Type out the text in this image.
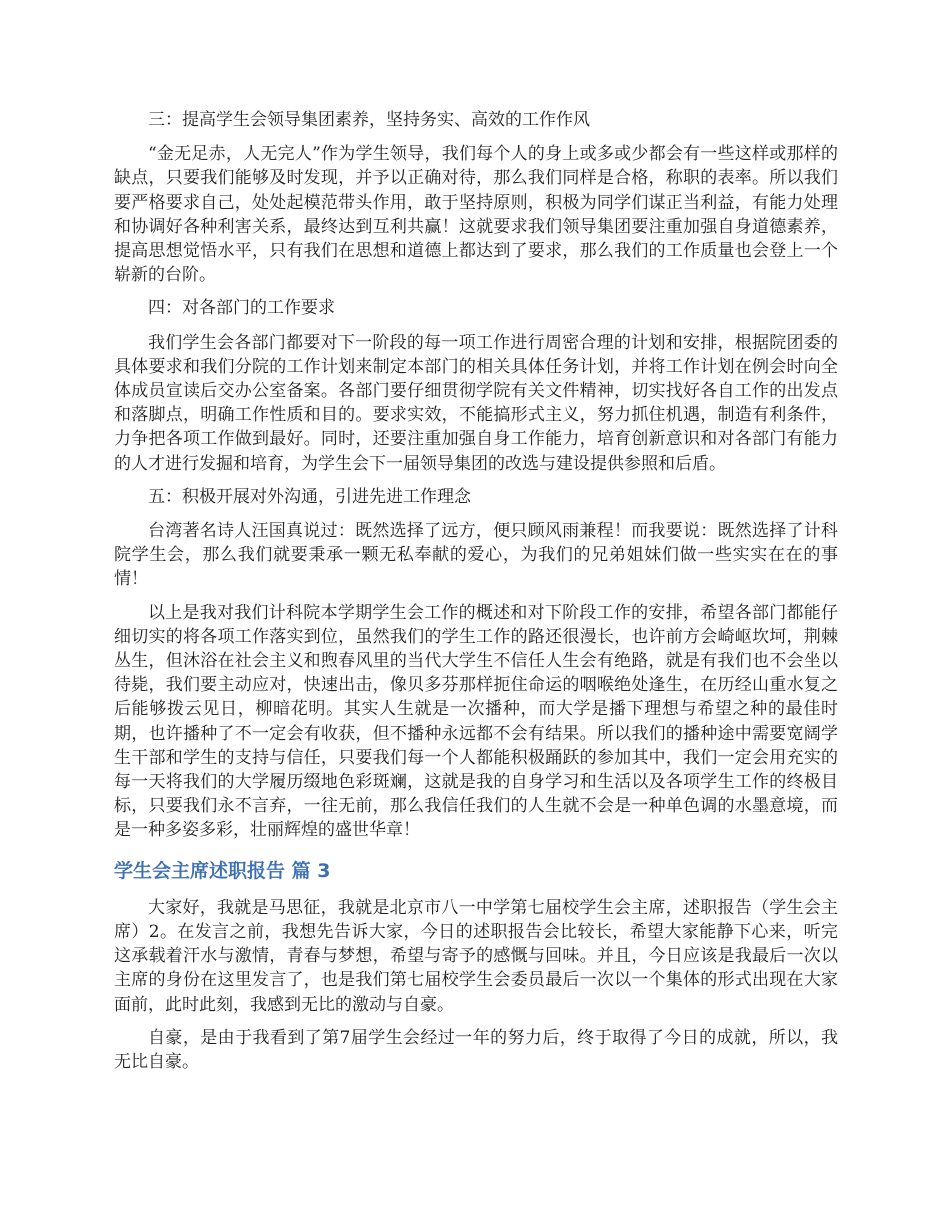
三：提高学生会领导集团素养，坚持务实、高效的工作作风

“金无足赤，人无完人”作为学生领导，我们每个人的身上或多或少都会有一些这样或那样的缺点，只要我们能够及时发现，并予以正确对待，那么我们同样是合格，称职的表率。所以我们要严格要求自己，处处起模范带头作用，敢于坚持原则，积极为同学们谋正当利益，有能力处理和协调好各种利害关系，最终达到互利共赢！这就要求我们领导集团要注重加强自身道德素养，提高思想觉悟水平，只有我们在思想和道德上都达到了要求，那么我们的工作质量也会登上一个崭新的台阶。

四：对各部门的工作要求

我们学生会各部门都要对下一阶段的每一项工作进行周密合理的计划和安排，根据院团委的具体要求和我们分院的工作计划来制定本部门的相关具体任务计划，并将工作计划在例会时向全体成员宣读后交办公室备案。各部门要仔细贯彻学院有关文件精神，切实找好各自工作的出发点和落脚点，明确工作性质和目的。要求实效，不能搞形式主义，努力抓住机遇，制造有利条件，力争把各项工作做到最好。同时，还要注重加强自身工作能力，培育创新意识和对各部门有能力的人才进行发掘和培育，为学生会下一届领导集团的改选与建设提供参照和后盾。

五：积极开展对外沟通，引进先进工作理念

台湾著名诗人汪国真说过：既然选择了远方，便只顾风雨兼程！而我要说：既然选择了计科院学生会，那么我们就要秉承一颗无私奉献的爱心，为我们的兄弟姐妹们做一些实实在在的事情！

以上是我对我们计科院本学期学生会工作的概述和对下阶段工作的安排，希望各部门都能仔细切实的将各项工作落实到位，虽然我们的学生工作的路还很漫长，也许前方会崎岖坎坷，荆棘丛生，但沐浴在社会主义和煦春风里的当代大学生不信任人生会有绝路，就是有我们也不会坐以待毙，我们要主动应对，快速出击，像贝多芬那样扼住命运的咽喉绝处逢生，在历经山重水复之后能够拨云见日，柳暗花明。其实人生就是一次播种，而大学是播下理想与希望之种的最佳时期，也许播种了不一定会有收获，但不播种永远都不会有结果。所以我们的播种途中需要宽阔学生干部和学生的支持与信任，只要我们每一个人都能积极踊跃的参加其中，我们一定会用充实的每一天将我们的大学履历缀地色彩斑斓，这就是我的自身学习和生活以及各项学生工作的终极目标，只要我们永不言弃，一往无前，那么我信任我们的人生就不会是一种单色调的水墨意境，而是一种多姿多彩，壮丽辉煌的盛世华章！

学生会主席述职报告 篇 3

大家好，我就是马思征，我就是北京市八一中学第七届校学生会主席，述职报告（学生会主席）2。在发言之前，我想先告诉大家，今日的述职报告会比较长，希望大家能静下心来，听完这承载着汗水与激情，青春与梦想，希望与寄予的感慨与回味。并且，今日应该是我最后一次以主席的身份在这里发言了，也是我们第七届校学生会委员最后一次以一个集体的形式出现在大家面前，此时此刻，我感到无比的激动与自豪。

自豪，是由于我看到了第7届学生会经过一年的努力后，终于取得了今日的成就，所以，我无比自豪。
